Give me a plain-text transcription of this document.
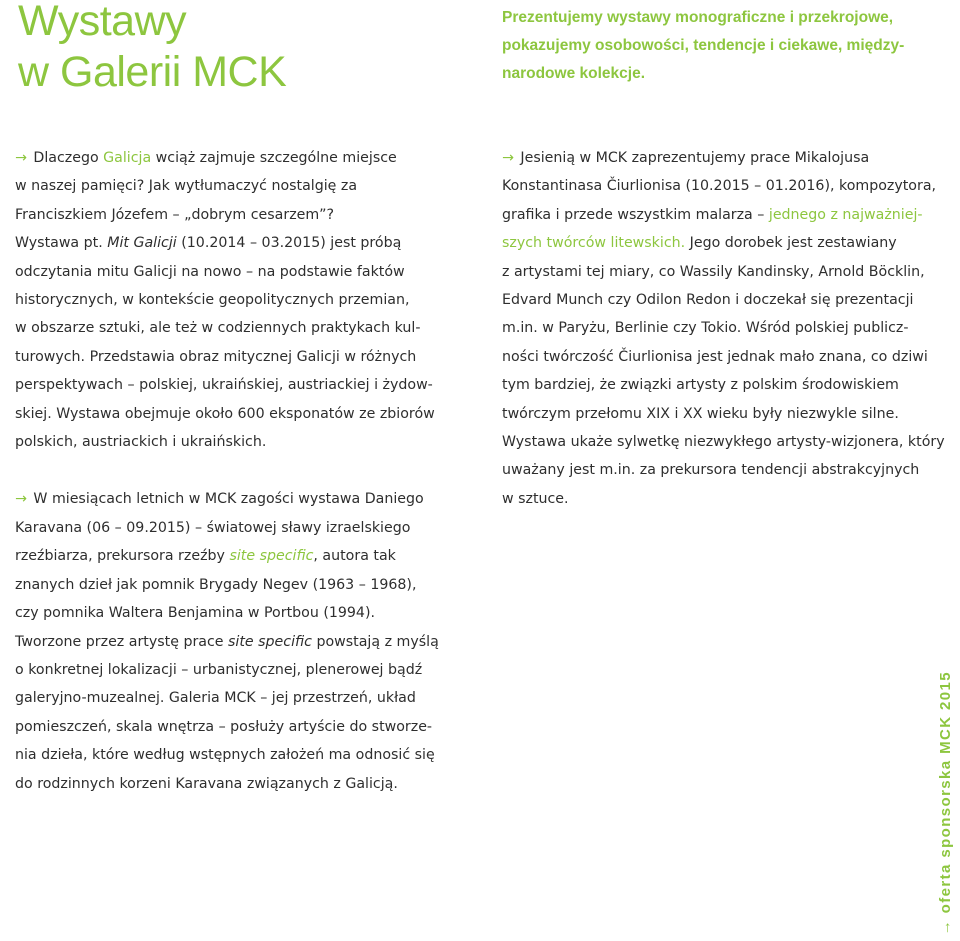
Wystawy
w Galerii MCK

Prezentujemy wystawy monograficzne i przekrojowe,
pokazujemy osobowości, tendencje i ciekawe, między-
narodowe kolekcje.

→ Dlaczego Galicja wciąż zajmuje szczególne miejsce
w naszej pamięci? Jak wytłumaczyć nostalgię za
Franciszkiem Józefem – „dobrym cesarzem”?
Wystawa pt. Mit Galicji (10.2014 – 03.2015) jest próbą
odczytania mitu Galicji na nowo – na podstawie faktów
historycznych, w kontekście geopolitycznych przemian,
w obszarze sztuki, ale też w codziennych praktykach kul-
turowych. Przedstawia obraz mitycznej Galicji w różnych
perspektywach – polskiej, ukraińskiej, austriackiej i żydow-
skiej. Wystawa obejmuje około 600 eksponatów ze zbiorów
polskich, austriackich i ukraińskich.

→ W miesiącach letnich w MCK zagości wystawa Daniego
Karavana (06 – 09.2015) – światowej sławy izraelskiego
rzeźbiarza, prekursora rzeźby site specific, autora tak
znanych dzieł jak pomnik Brygady Negev (1963 – 1968),
czy pomnika Waltera Benjamina w Portbou (1994).
Tworzone przez artystę prace site specific powstają z myślą
o konkretnej lokalizacji – urbanistycznej, plenerowej bądź
galeryjno-muzealnej. Galeria MCK – jej przestrzeń, układ
pomieszczeń, skala wnętrza – posłuży artyście do stworze-
nia dzieła, które według wstępnych założeń ma odnosić się
do rodzinnych korzeni Karavana związanych z Galicją.

→ Jesienią w MCK zaprezentujemy prace Mikalojusa
Konstantinasa Čiurlionisa (10.2015 – 01.2016), kompozytora,
grafika i przede wszystkim malarza – jednego z najważniej-
szych twórców litewskich. Jego dorobek jest zestawiany
z artystami tej miary, co Wassily Kandinsky, Arnold Böcklin,
Edvard Munch czy Odilon Redon i doczekał się prezentacji
m.in. w Paryżu, Berlinie czy Tokio. Wśród polskiej publicz-
ności twórczość Čiurlionisa jest jednak mało znana, co dziwi
tym bardziej, że związki artysty z polskim środowiskiem
twórczym przełomu XIX i XX wieku były niezwykle silne.
Wystawa ukaże sylwetkę niezwykłego artysty-wizjonera, który
uważany jest m.in. za prekursora tendencji abstrakcyjnych
w sztuce.

→ oferta sponsorska MCK 2015
